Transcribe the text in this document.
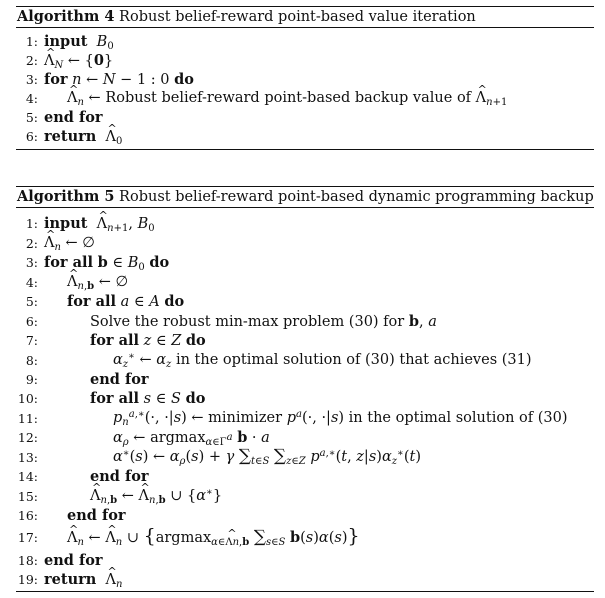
Algorithm 4 Robust belief-reward point-based value iteration
1: input $B_0$
2: ^ $\Lambda_N$ ← {0}
3: for n ← N − 1 : 0 do
4: ^ $\Lambda_n$ ← Robust belief-reward point-based backup value of ^ $\Lambda_{n+1}$
5: end for
6: return ^ $\Lambda_0$
Algorithm 5 Robust belief-reward point-based dynamic programming backup
1: input ^ $\Lambda_{n+1}$, $B_0$
2: ^ $\Lambda_n$ ← ∅
3: for all b ∈ $B_0$ do
4: ^ $\Lambda_{n,b}$ ← ∅
5: for all a ∈ A do
6:	Solve the robust min-max problem (30) for b, a
7:	for all z ∈ Z do
8:	$\alpha_z^∗$ ← $\alpha_z$ in the optimal solution of (30) that achieves (31)
9:	end for
10:	for all s ∈ S do
11:	$p_n^{a,∗}(\cdot$, ·|s) ← minimizer $p^a(\cdot$, ·|s) in the optimal solution of (30)
12:	$\alpha_\rho$ ← argmax$_{\alpha\in\Gamma^a}$ b · a
13:	α∗(s) ← $\alpha_\rho(s) + \gamma$ $\sum_{t\in S}$ $\sum_{z\in Z}$ $p^{a,∗}(t$, $z|s)\alpha_z^∗(t)$
14:	end for
15:	^ $\Lambda_{n,b}$ ← ^ $\Lambda_{n,b}$ ∪ {α∗}
16: end for
17: ^ $\Lambda_n$ ← ^ $\Lambda_n$ ∪ {argmax$_{\alpha\in\Lambda n,b}$ $\sum_{s\in S}$ b(s)α(s)}
18: end for
19: return ^ $\Lambda_n$
